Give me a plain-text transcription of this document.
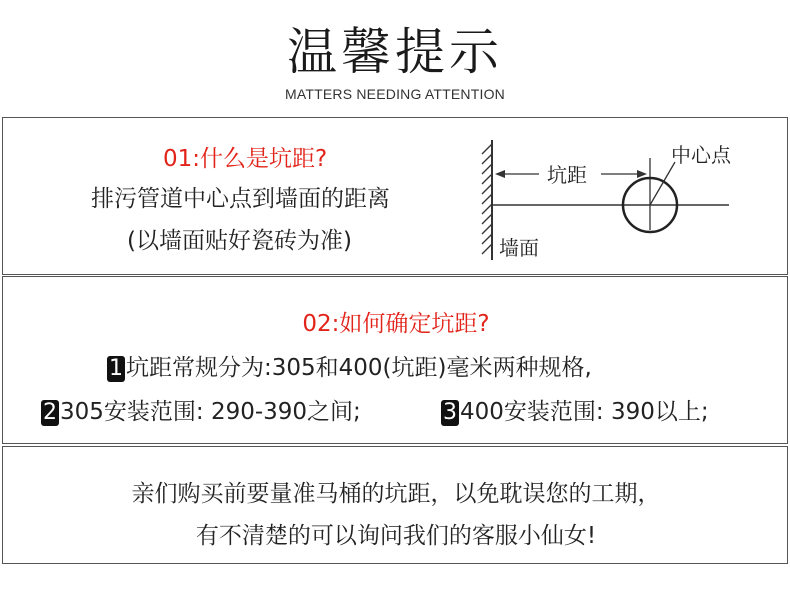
温馨提示
MATTERS NEEDING ATTENTION
01:什么是坑距?
排污管道中心点到墙面的距离
(以墙面贴好瓷砖为准)
坑距
中心点
墙面
02:如何确定坑距?
1 坑距常规分为:305和400(坑距)毫米两种规格,
2 305安装范围: 290-390之间;	3 400安装范围: 390以上;
亲们购买前要量准马桶的坑距，以免耽误您的工期，
有不清楚的可以询问我们的客服小仙女!
